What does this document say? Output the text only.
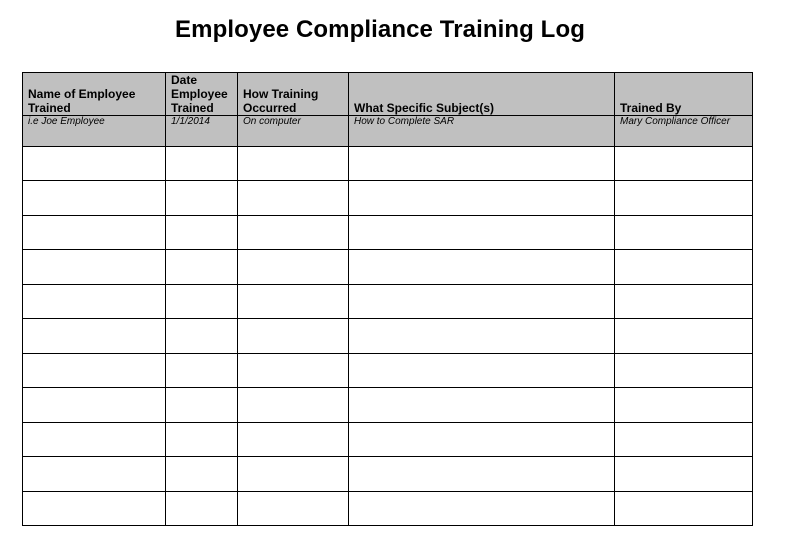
Employee Compliance Training Log
Name of Employee Trained	Date Employee Trained	How Training Occurred	What Specific Subject(s)	Trained By

i.e Joe Employee	1/1/2014	On computer	How to Complete SAR	Mary Compliance Officer
